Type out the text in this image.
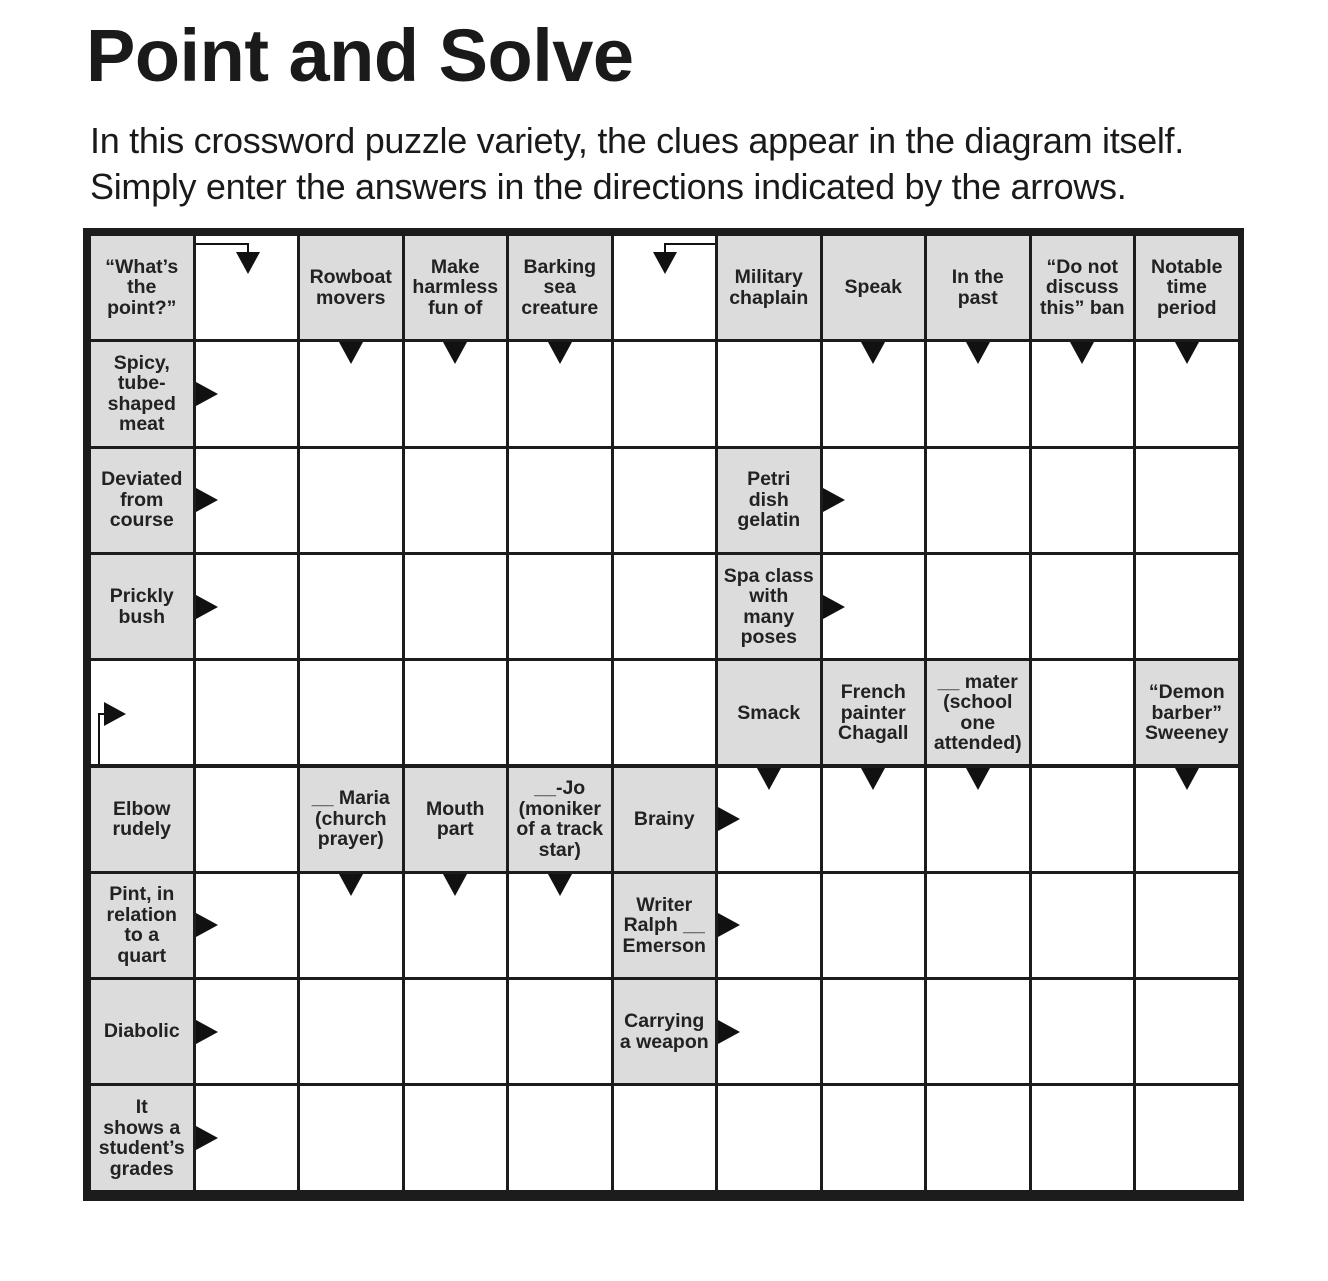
Point and Solve
In this crossword puzzle variety, the clues appear in the diagram itself.
Simply enter the answers in the directions indicated by the arrows.
“What’s
the
point?”
Rowboat
movers
Make
harmless
fun of
Barking
sea
creature
Military
chaplain Speak	In the
past
“Do not
discuss
this” ban
Notable
time
period
Spicy,
tube-
shaped
meat
Deviated
from
course
Petri
dish
gelatin
Prickly
bush
Spa class
with
many
poses
Smack
French
painter
Chagall
__ mater
(school
one
attended)
“Demon
barber”
Sweeney
Elbow
rudely
__ Maria
(church
prayer)
Mouth
part
__-Jo
(moniker
of a track
star)
Brainy
Pint, in
relation
to a
quart
Writer
Ralph __
Emerson
Diabolic	Carrying
a weapon
It
shows a
student’s
grades
